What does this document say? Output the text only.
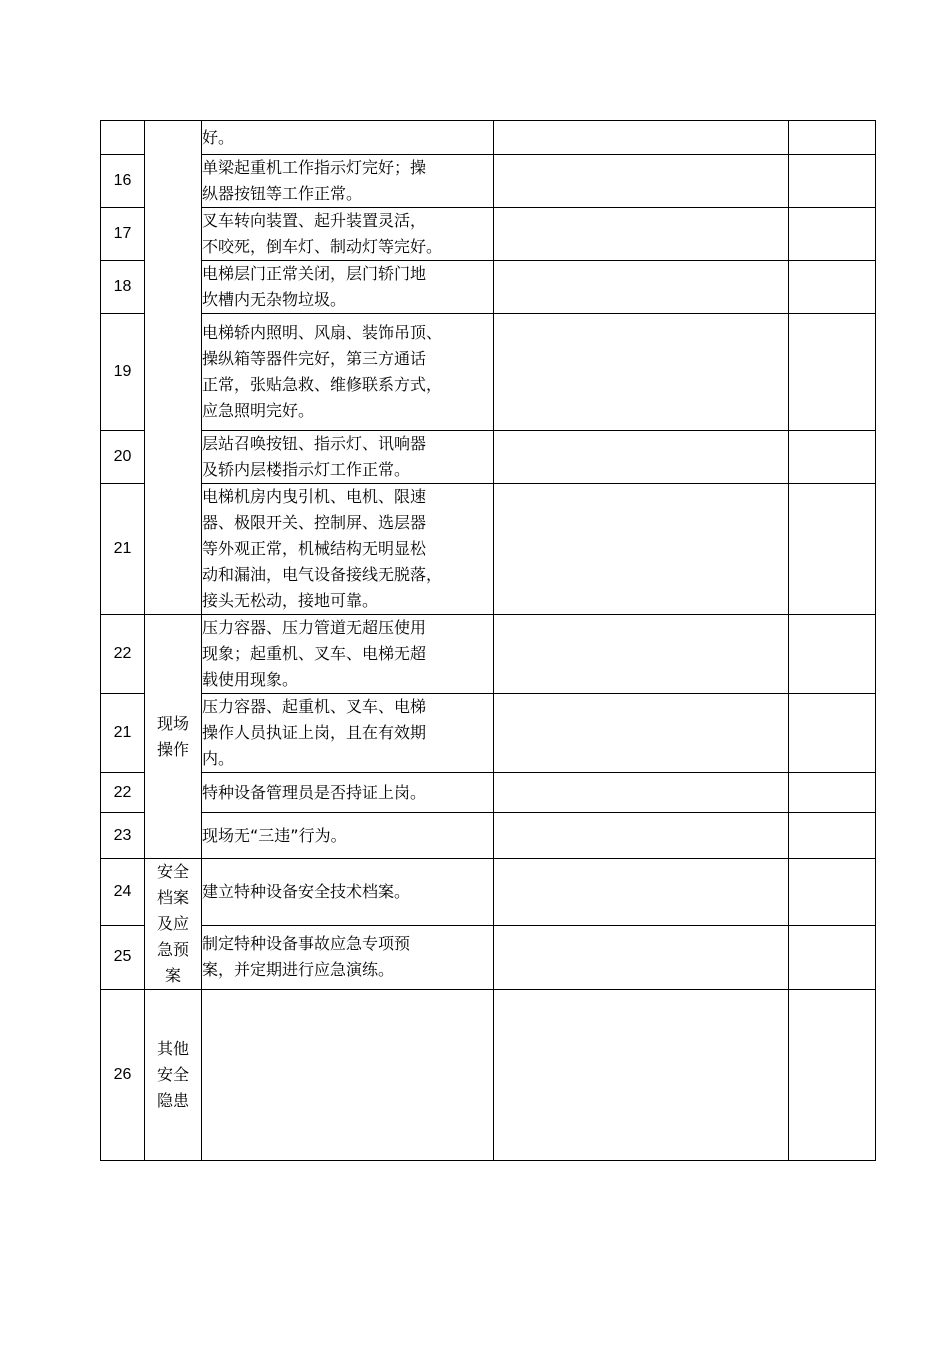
		好。		

16		单梁起重机工作指示灯完好；操
纵器按钮等工作正常。		

17		叉车转向装置、起升装置灵活，
不咬死，倒车灯、制动灯等完好。		

18		电梯层门正常关闭，层门轿门地
坎槽内无杂物垃圾。		

19		电梯轿内照明、风扇、装饰吊顶、
操纵箱等器件完好，第三方通话
正常，张贴急救、维修联系方式，
应急照明完好。		

20		层站召唤按钮、指示灯、讯响器
及轿内层楼指示灯工作正常。		

21		电梯机房内曳引机、电机、限速
器、极限开关、控制屏、选层器
等外观正常，机械结构无明显松
动和漏油，电气设备接线无脱落，
接头无松动，接地可靠。		

22	现场
操作	压力容器、压力管道无超压使用
现象；起重机、叉车、电梯无超
载使用现象。		

21		压力容器、起重机、叉车、电梯
操作人员执证上岗，且在有效期
内。		

22		特种设备管理员是否持证上岗。		

23		现场无“三违”行为。		

24	安全
档案
及应
急预
案	建立特种设备安全技术档案。		

25		制定特种设备事故应急专项预
案，并定期进行应急演练。		

26	其他
安全
隐患			
